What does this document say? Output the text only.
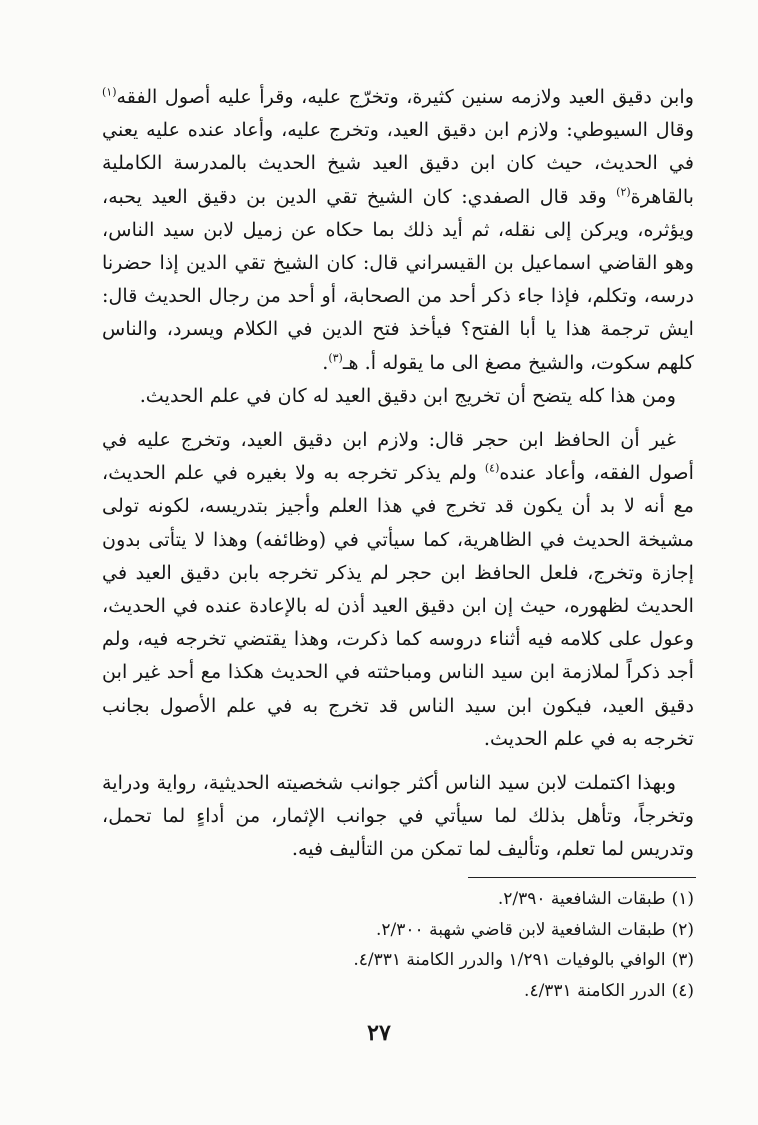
وابن دقيق العيد ولازمه سنين كثيرة، وتخرّج عليه، وقرأ عليه أصول الفقه$^{(١)}$ وقال السيوطي: ولازم ابن دقيق العيد، وتخرج عليه، وأعاد عنده عليه يعني في الحديث، حيث كان ابن دقيق العيد شيخ الحديث بالمدرسة الكاملية بالقاهرة$^{(٢)}$ وقد قال الصفدي: كان الشيخ تقي الدين بن دقيق العيد يحبه، ويؤثره، ويركن إلى نقله، ثم أيد ذلك بما حكاه عن زميل لابن سيد الناس، وهو القاضي اسماعيل بن القيسراني قال: كان الشيخ تقي الدين إذا حضرنا درسه، وتكلم، فإذا جاء ذكر أحد من الصحابة، أو أحد من رجال الحديث قال: ايش ترجمة هذا يا أبا الفتح؟ فيأخذ فتح الدين في الكلام ويسرد، والناس كلهم سكوت، والشيخ مصغ الى ما يقوله أ. هـ$^{(٣)}$.

ومن هذا كله يتضح أن تخريج ابن دقيق العيد له كان في علم الحديث.

غير أن الحافظ ابن حجر قال: ولازم ابن دقيق العيد، وتخرج عليه في أصول الفقه، وأعاد عنده$^{(٤)}$ ولم يذكر تخرجه به ولا بغيره في علم الحديث، مع أنه لا بد أن يكون قد تخرج في هذا العلم وأجيز بتدريسه، لكونه تولى مشيخة الحديث في الظاهرية، كما سيأتي في (وظائفه) وهذا لا يتأتى بدون إجازة وتخرج، فلعل الحافظ ابن حجر لم يذكر تخرجه بابن دقيق العيد في الحديث لظهوره، حيث إن ابن دقيق العيد أذن له بالإعادة عنده في الحديث، وعول على كلامه فيه أثناء دروسه كما ذكرت، وهذا يقتضي تخرجه فيه، ولم أجد ذكراً لملازمة ابن سيد الناس ومباحثته في الحديث هكذا مع أحد غير ابن دقيق العيد، فيكون ابن سيد الناس قد تخرج به في علم الأصول بجانب تخرجه به في علم الحديث.

وبهذا اكتملت لابن سيد الناس أكثر جوانب شخصيته الحديثية، رواية ودراية وتخرجاً، وتأهل بذلك لما سيأتي في جوانب الإثمار، من أداءٍ لما تحمل، وتدريس لما تعلم، وتأليف لما تمكن من التأليف فيه.

(١)طبقات الشافعية ٢/٣٩٠.
(٢)طبقات الشافعية لابن قاضي شهبة ٢/٣٠٠.
(٣)الوافي بالوفيات ١/٢٩١ والدرر الكامنة ٤/٣٣١.
(٤)الدرر الكامنة ٤/٣٣١.
٢٧
